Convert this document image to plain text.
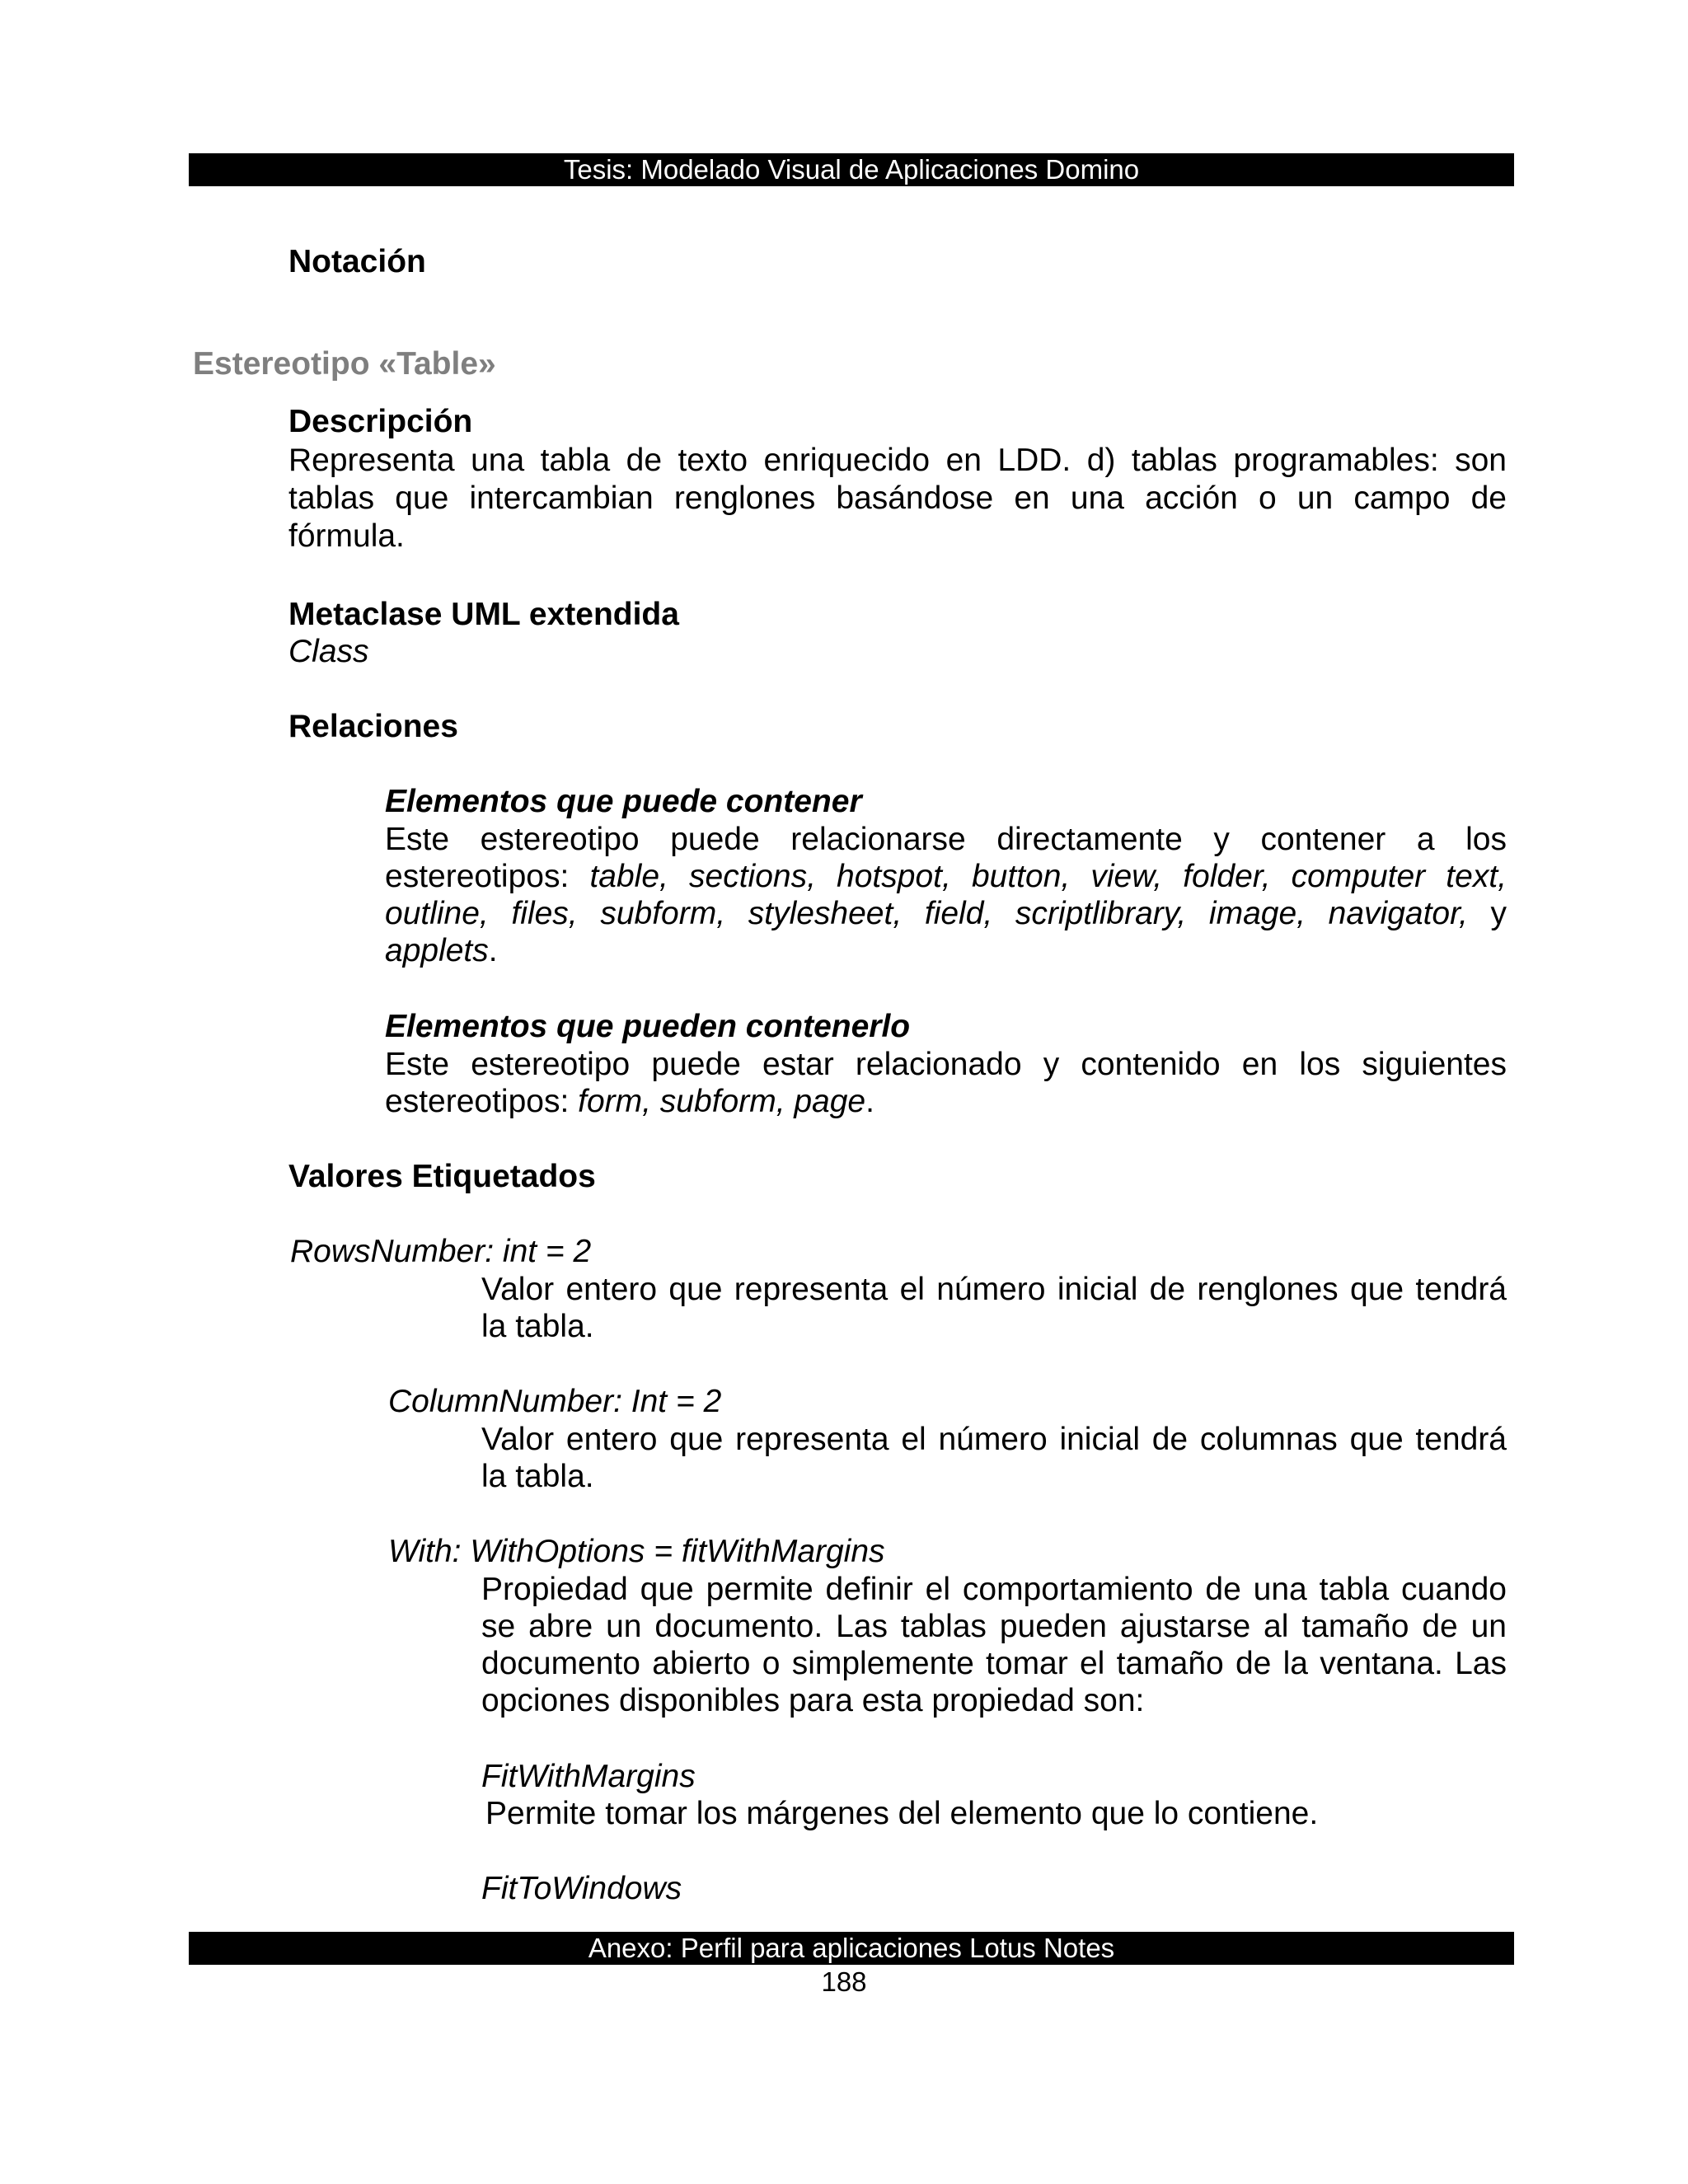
Tesis: Modelado Visual de Aplicaciones Domino
Notación
Estereotipo «Table»
Descripción
Representa una tabla de texto enriquecido en LDD. d) tablas programables: son
tablas que intercambian renglones basándose en una acción o un campo de
fórmula.
Metaclase UML extendida
Class
Relaciones
Elementos que puede contener
Este estereotipo puede relacionarse directamente y contener a los
estereotipos: table, sections, hotspot, button, view, folder, computer text,
outline, files, subform, stylesheet, field, scriptlibrary, image, navigator, y
applets.
Elementos que pueden contenerlo
Este estereotipo puede estar relacionado y contenido en los siguientes
estereotipos: form, subform, page.
Valores Etiquetados
RowsNumber: int = 2
Valor entero que representa el número inicial de renglones que tendrá
la tabla.
ColumnNumber: Int = 2
Valor entero que representa el número inicial de columnas que tendrá
la tabla.
With: WithOptions = fitWithMargins
Propiedad que permite definir el comportamiento de una tabla cuando
se abre un documento. Las tablas pueden ajustarse al tamaño de un
documento abierto o simplemente tomar el tamaño de la ventana. Las
opciones disponibles para esta propiedad son:
FitWithMargins
Permite tomar los márgenes del elemento que lo contiene.
FitToWindows
Anexo: Perfil para aplicaciones Lotus Notes
188
